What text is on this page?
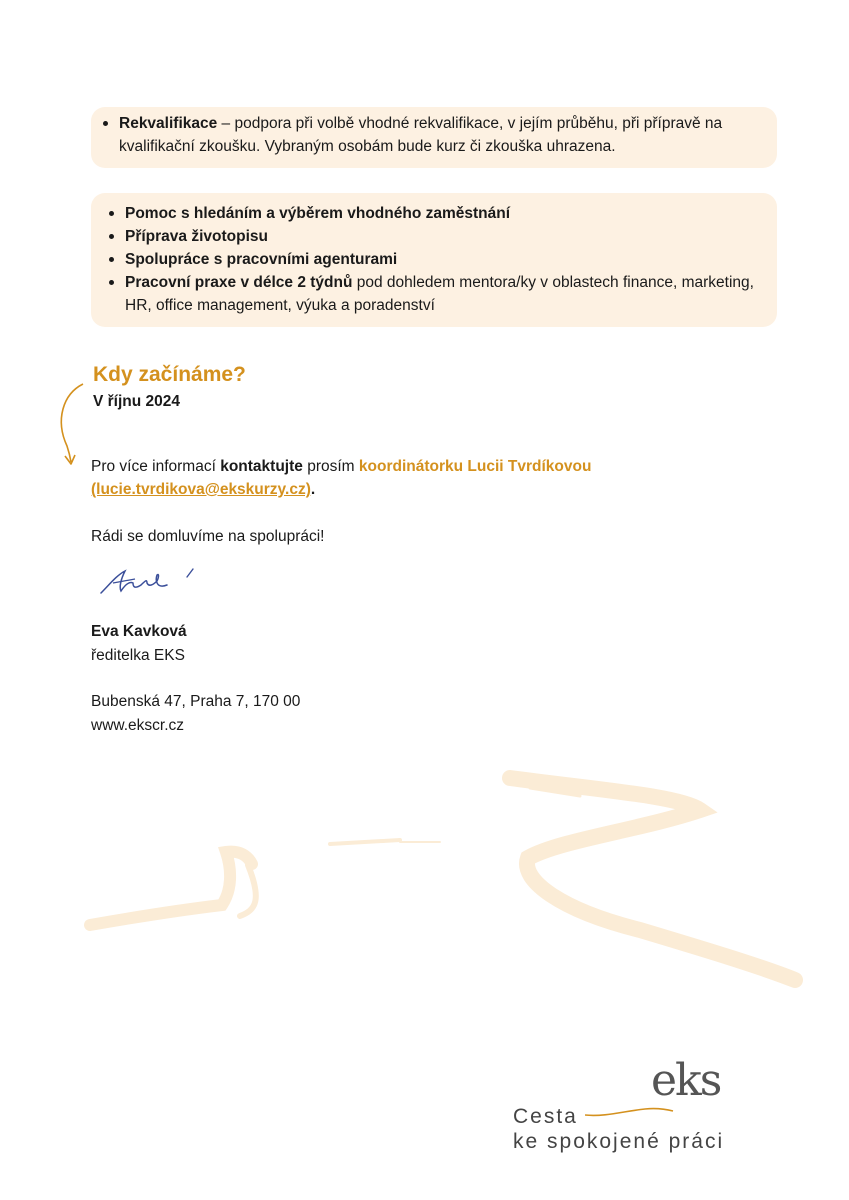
Rekvalifikace – podpora při volbě vhodné rekvalifikace, v jejím průběhu, při přípravě na kvalifikační zkoušku. Vybraným osobám bude kurz či zkouška uhrazena.
Pomoc s hledáním a výběrem vhodného zaměstnání
Příprava životopisu
Spolupráce s pracovními agenturami
Pracovní praxe v délce 2 týdnů pod dohledem mentora/ky v oblastech finance, marketing, HR, office management, výuka a poradenství
Kdy začínáme?
V říjnu 2024
Pro více informací kontaktujte prosím koordinátorku Lucii Tvrdíkovou
(lucie.tvrdikova@ekskurzy.cz).
Rádi se domluvíme na spolupráci!
Eva Kavková
ředitelka EKS
Bubenská 47, Praha 7, 170 00
www.ekscr.cz
eks
Cesta
ke spokojené práci
